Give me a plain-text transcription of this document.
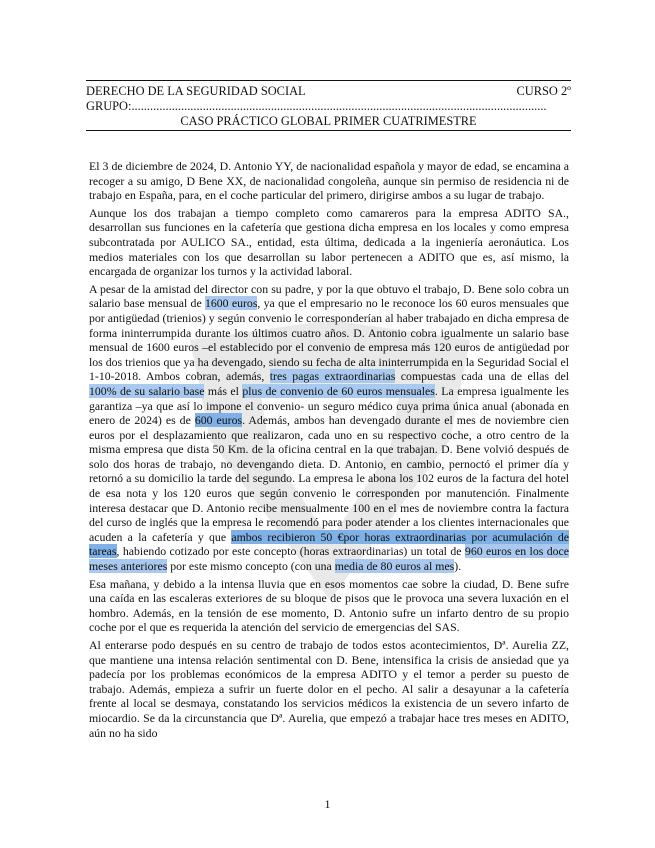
DERECHO DE LA SEGURIDAD SOCIAL	CURSO 2º
GRUPO:......................................................................................................................................
CASO PRÁCTICO GLOBAL PRIMER CUATRIMESTRE

El 3 de diciembre de 2024, D. Antonio YY, de nacionalidad española y mayor de edad, se encamina a recoger a su amigo, D Bene XX, de nacionalidad congoleña, aunque sin permiso de residencia ni de trabajo en España, para, en el coche particular del primero, dirigirse ambos a su lugar de trabajo.

Aunque los dos trabajan a tiempo completo como camareros para la empresa ADITO SA., desarrollan sus funciones en la cafetería que gestiona dicha empresa en los locales y como empresa subcontratada por AULICO SA., entidad, esta última, dedicada a la ingeniería aeronáutica. Los medios materiales con los que desarrollan su labor pertenecen a ADITO que es, así mismo, la encargada de organizar los turnos y la actividad laboral.

A pesar de la amistad del director con su padre, y por la que obtuvo el trabajo, D. Bene solo cobra un salario base mensual de 1600 euros, ya que el empresario no le reconoce los 60 euros mensuales que por antigüedad (trienios) y según convenio le corresponderían al haber trabajado en dicha empresa de forma ininterrumpida durante los últimos cuatro años. D. Antonio cobra igualmente un salario base mensual de 1600 euros –el establecido por el convenio de empresa más 120 euros de antigüedad por los dos trienios que ya ha devengado, siendo su fecha de alta ininterrumpida en la Seguridad Social el 1-10-2018. Ambos cobran, además, tres pagas extraordinarias compuestas cada una de ellas del 100% de su salario base más el plus de convenio de 60 euros mensuales. La empresa igualmente les garantiza –ya que así lo impone el convenio- un seguro médico cuya prima única anual (abonada en enero de 2024) es de 600 euros. Además, ambos han devengado durante el mes de noviembre cien euros por el desplazamiento que realizaron, cada uno en su respectivo coche, a otro centro de la misma empresa que dista 50 Km. de la oficina central en la que trabajan. D. Bene volvió después de solo dos horas de trabajo, no devengando dieta. D. Antonio, en cambio, pernoctó el primer día y retornó a su domicilio la tarde del segundo. La empresa le abona los 102 euros de la factura del hotel de esa nota y los 120 euros que según convenio le corresponden por manutención. Finalmente interesa destacar que D. Antonio recibe mensualmente 100 en el mes de noviembre contra la factura del curso de inglés que la empresa le recomendó para poder atender a los clientes internacionales que acuden a la cafetería y que ambos recibieron 50 €por horas extraordinarias por acumulación de tareas, habiendo cotizado por este concepto (horas extraordinarias) un total de 960 euros en los doce meses anteriores por este mismo concepto (con una media de 80 euros al mes).

Esa mañana, y debido a la intensa lluvia que en esos momentos cae sobre la ciudad, D. Bene sufre una caída en las escaleras exteriores de su bloque de pisos que le provoca una severa luxación en el hombro. Además, en la tensión de ese momento, D. Antonio sufre un infarto dentro de su propio coche por el que es requerida la atención del servicio de emergencias del SAS.

Al enterarse podo después en su centro de trabajo de todos estos acontecimientos, Dª. Aurelia ZZ, que mantiene una intensa relación sentimental con D. Bene, intensifica la crisis de ansiedad que ya padecía por los problemas económicos de la empresa ADITO y el temor a perder su puesto de trabajo. Además, empieza a sufrir un fuerte dolor en el pecho. Al salir a desayunar a la cafetería frente al local se desmaya, constatando los servicios médicos la existencia de un severo infarto de miocardio. Se da la circunstancia que Dª. Aurelia, que empezó a trabajar hace tres meses en ADITO, aún no ha sido

1
